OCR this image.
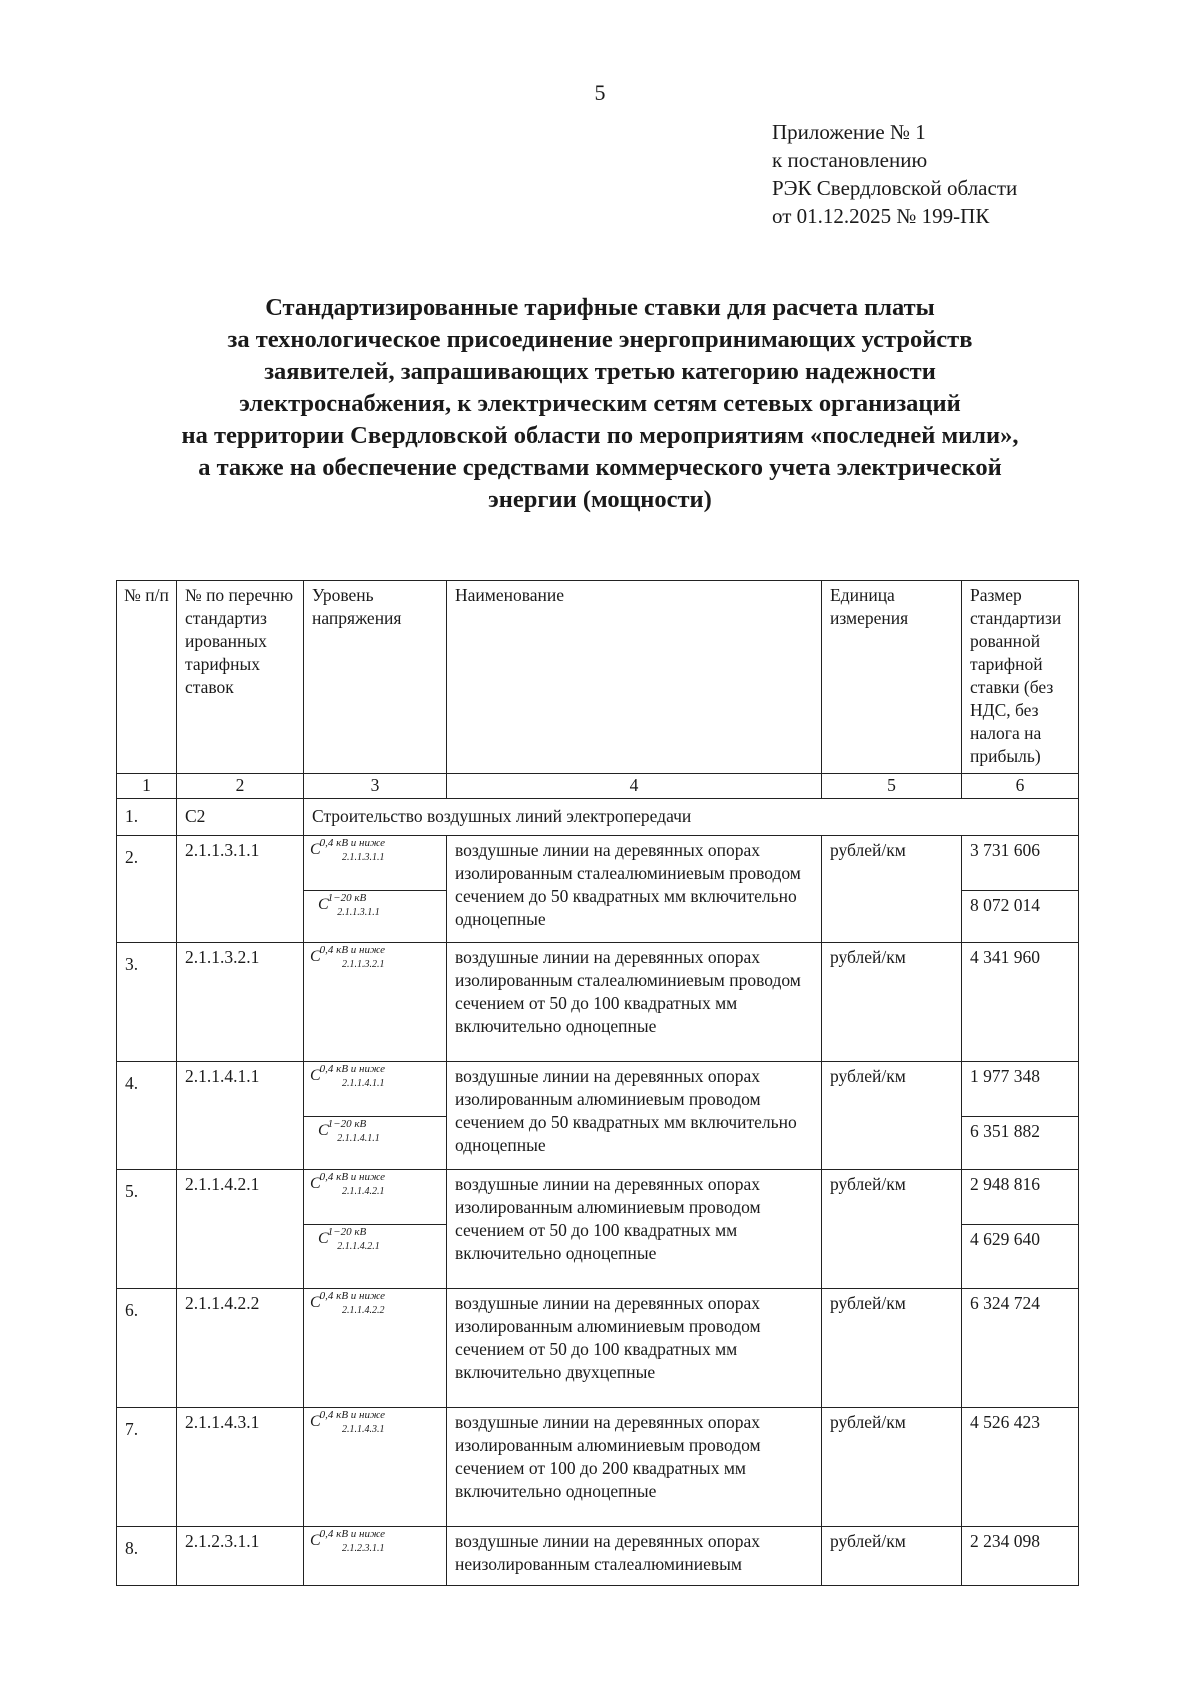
5
Приложение № 1
к постановлению
РЭК Свердловской области
от 01.12.2025 № 199-ПК
Стандартизированные тарифные ставки для расчета платы
за технологическое присоединение энергопринимающих устройств
заявителей, запрашивающих третью категорию надежности
электроснабжения, к электрическим сетям сетевых организаций
на территории Свердловской области по мероприятиям «последней мили»,
а также на обеспечение средствами коммерческого учета электрической
энергии (мощности)
№ п/п	№ по перечню стандартиз ированных тарифных ставок	Уровень напряжения	Наименование	Единица измерения	Размер стандартизи рованной тарифной ставки (без НДС, без налога на прибыль)
1	2	3	4	5	6
1.	С2	Строительство воздушных линий электропередачи			
2.	2.1.1.3.1.1	$C^{0,4 кВ и ниже}_{2.1.1.3.1.1}$	воздушные линии на деревянных опорах изолированным сталеалюминиевым проводом сечением до 50 квадратных мм включительно одноцепные	рублей/км	3 731 606
		$C^{1-20 кВ}_{2.1.1.3.1.1}$			8 072 014
3.	2.1.1.3.2.1	$C^{0,4 кВ и ниже}_{2.1.1.3.2.1}$	воздушные линии на деревянных опорах изолированным сталеалюминиевым проводом сечением от 50 до 100 квадратных мм включительно одноцепные	рублей/км	4 341 960
4.	2.1.1.4.1.1	$C^{0,4 кВ и ниже}_{2.1.1.4.1.1}$	воздушные линии на деревянных опорах изолированным алюминиевым проводом сечением до 50 квадратных мм включительно одноцепные	рублей/км	1 977 348
		$C^{1-20 кВ}_{2.1.1.4.1.1}$			6 351 882
5.	2.1.1.4.2.1	$C^{0,4 кВ и ниже}_{2.1.1.4.2.1}$	воздушные линии на деревянных опорах изолированным алюминиевым проводом сечением от 50 до 100 квадратных мм включительно одноцепные	рублей/км	2 948 816
		$C^{1-20 кВ}_{2.1.1.4.2.1}$			4 629 640
6.	2.1.1.4.2.2	$C^{0,4 кВ и ниже}_{2.1.1.4.2.2}$	воздушные линии на деревянных опорах изолированным алюминиевым проводом сечением от 50 до 100 квадратных мм включительно двухцепные	рублей/км	6 324 724
7.	2.1.1.4.3.1	$C^{0,4 кВ и ниже}_{2.1.1.4.3.1}$	воздушные линии на деревянных опорах изолированным алюминиевым проводом сечением от 100 до 200 квадратных мм включительно одноцепные	рублей/км	4 526 423
8.	2.1.2.3.1.1	$C^{0,4 кВ и ниже}_{2.1.2.3.1.1}$	воздушные линии на деревянных опорах неизолированным сталеалюминиевым	рублей/км	2 234 098
